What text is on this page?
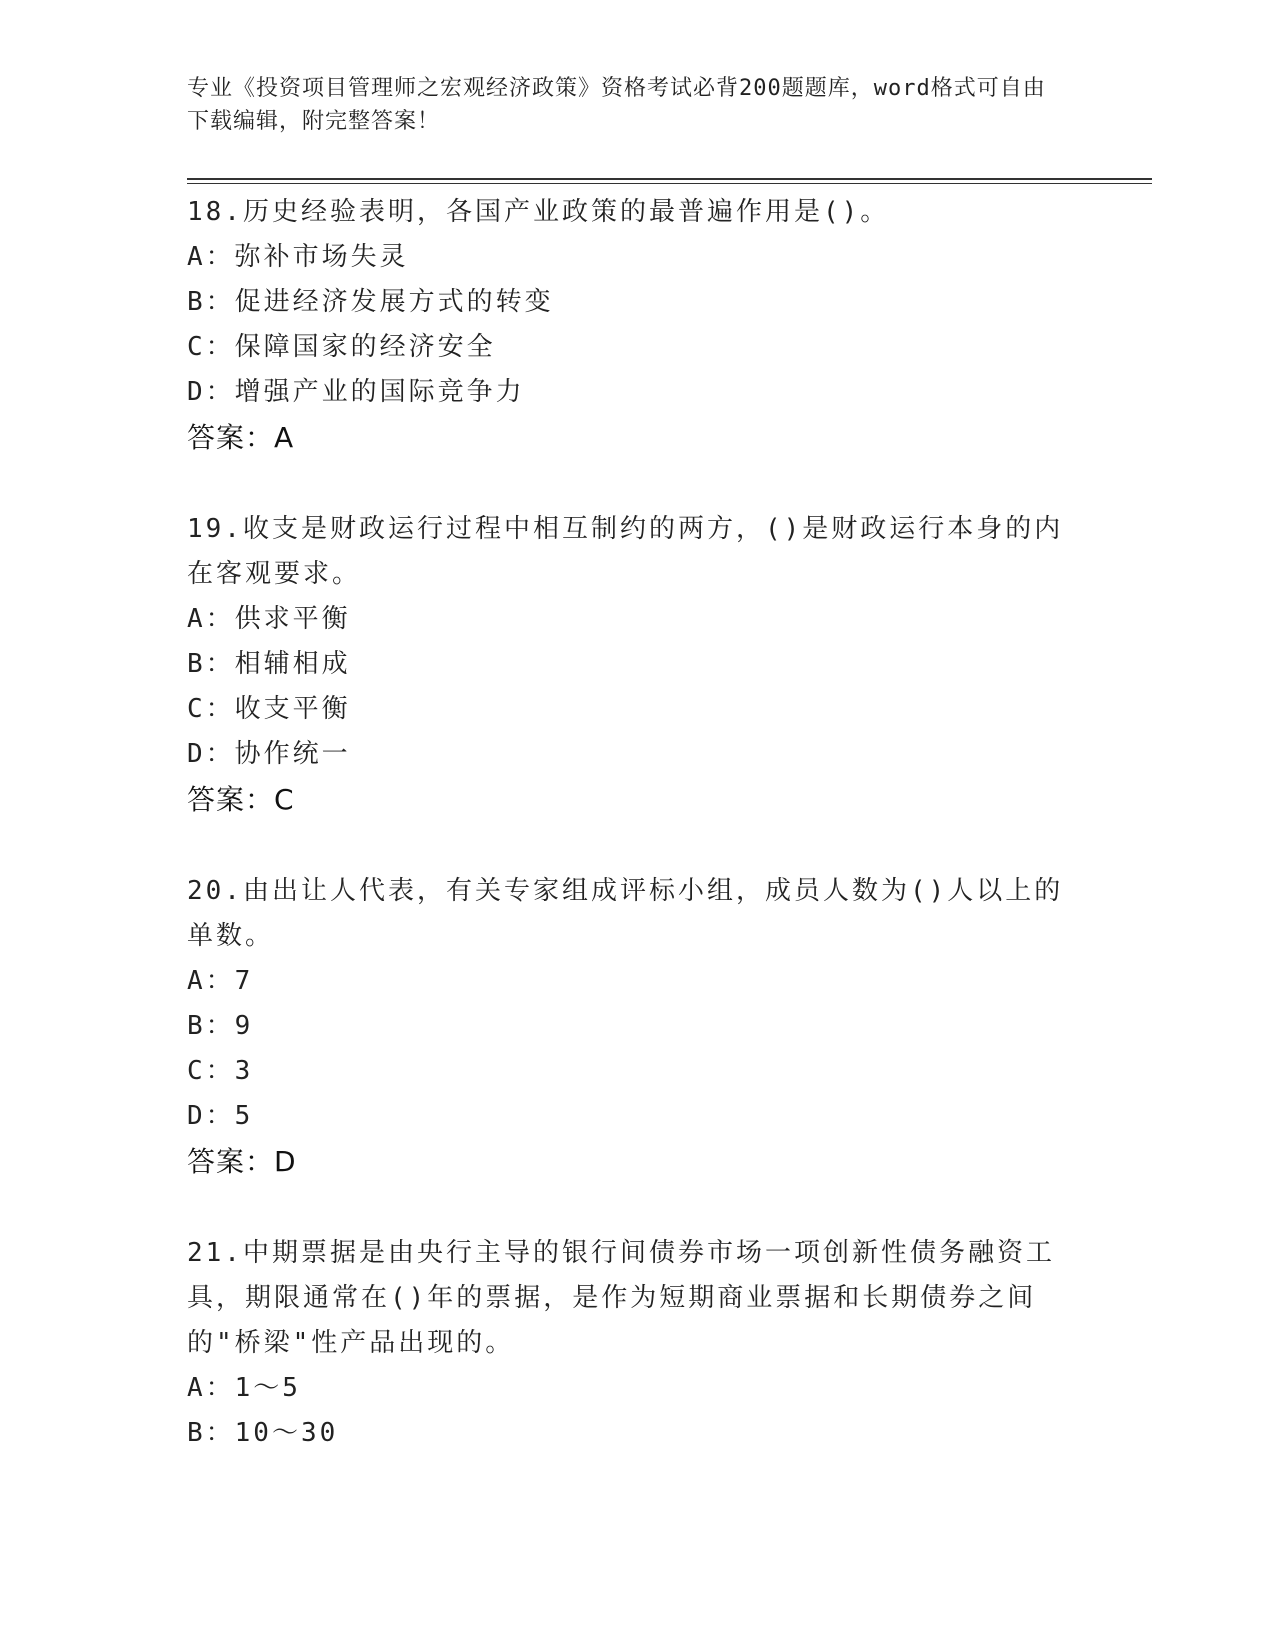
专业《投资项目管理师之宏观经济政策》资格考试必背200题题库，word格式可自由下载编辑，附完整答案！
18.历史经验表明，各国产业政策的最普遍作用是()。
A：弥补市场失灵
B：促进经济发展方式的转变
C：保障国家的经济安全
D：增强产业的国际竞争力
答案：A
19.收支是财政运行过程中相互制约的两方，()是财政运行本身的内在客观要求。
A：供求平衡
B：相辅相成
C：收支平衡
D：协作统一
答案：C
20.由出让人代表，有关专家组成评标小组，成员人数为()人以上的单数。
A：7
B：9
C：3
D：5
答案：D
21.中期票据是由央行主导的银行间债券市场一项创新性债务融资工具，期限通常在()年的票据，是作为短期商业票据和长期债券之间的"桥梁"性产品出现的。
A：1～5
B：10～30
